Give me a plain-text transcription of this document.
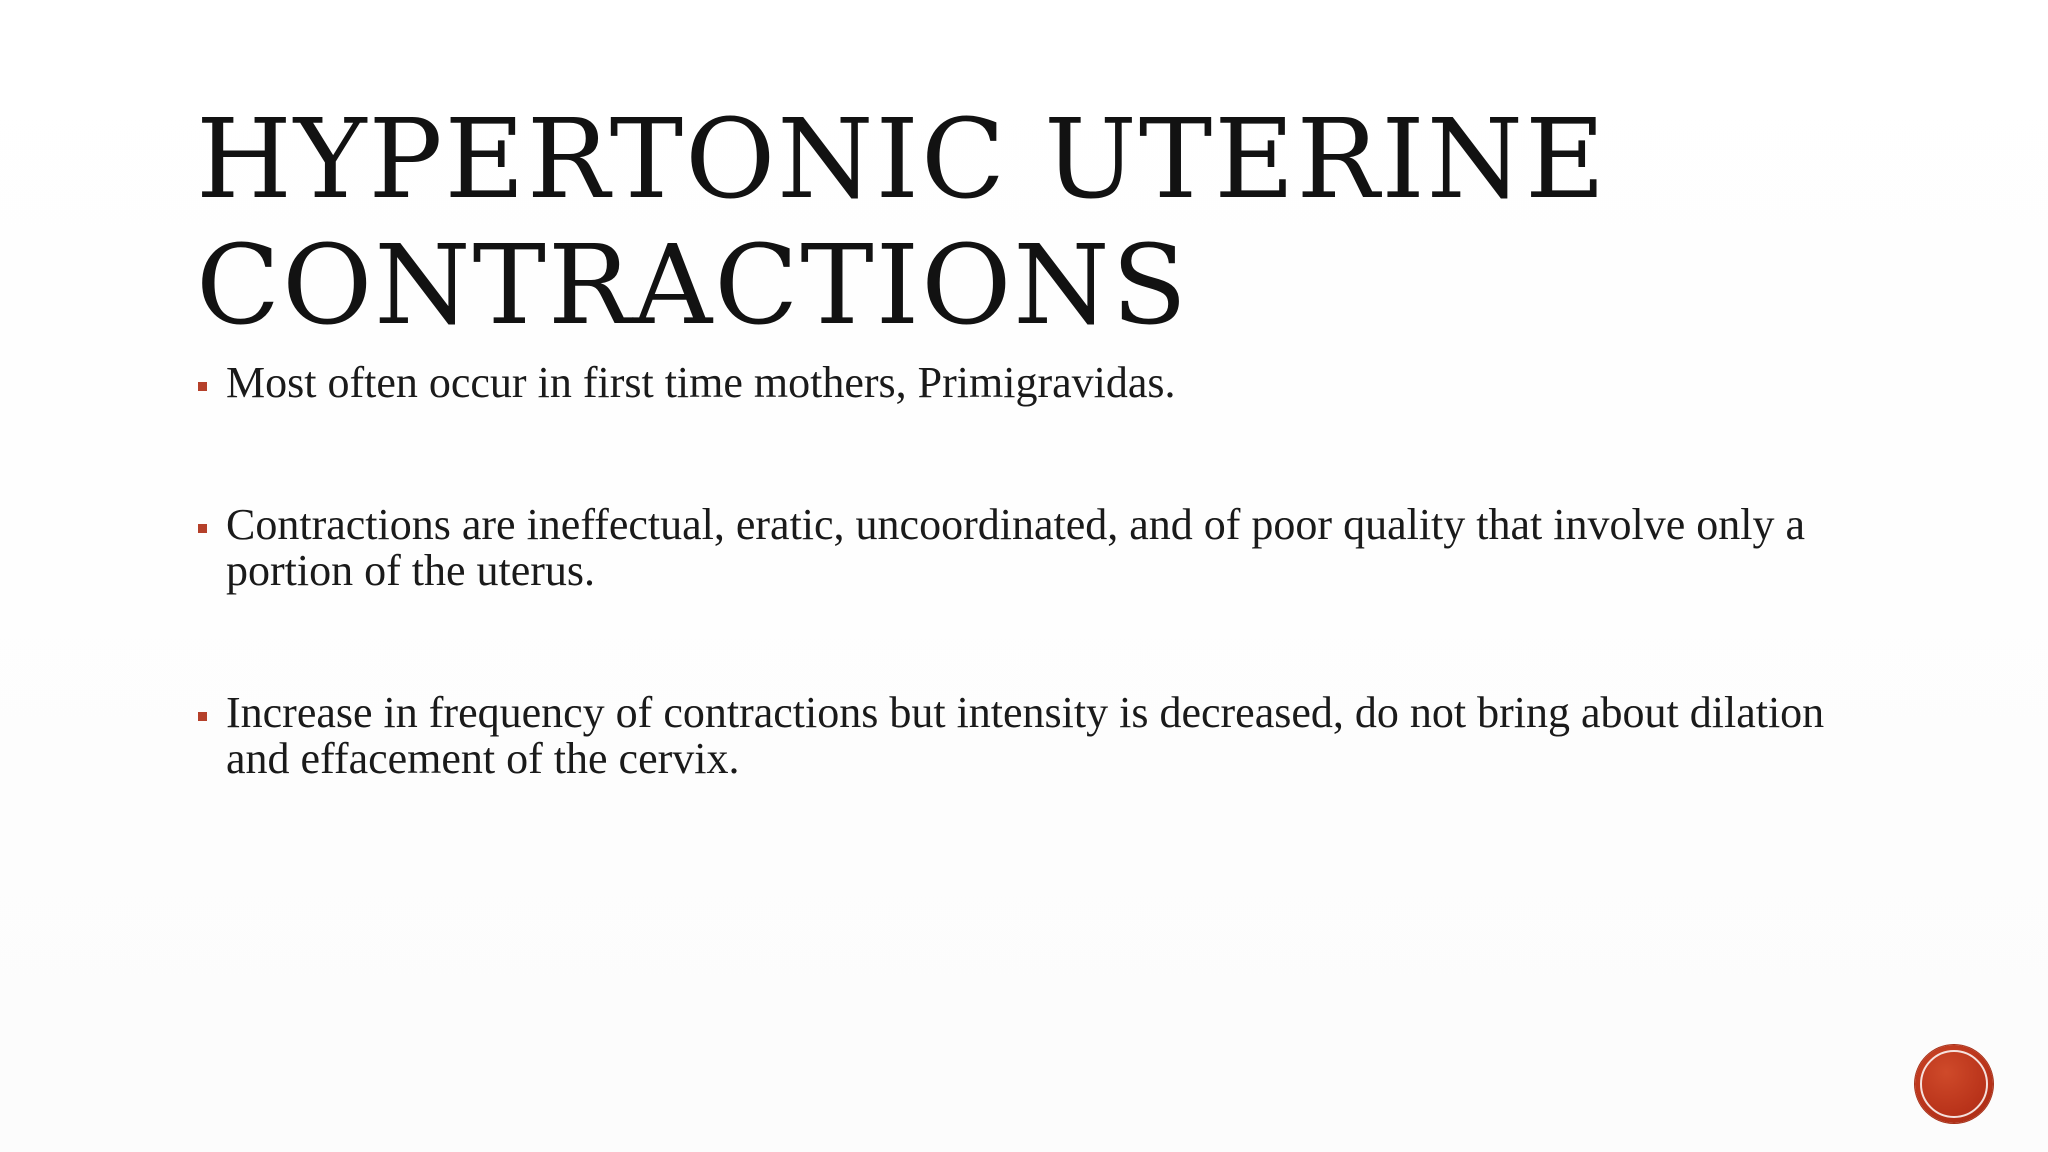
HYPERTONIC UTERINE
CONTRACTIONS
Most often occur in first time mothers, Primigravidas.
Contractions are ineffectual, eratic, uncoordinated, and of poor quality that involve only a portion of the uterus.
Increase in frequency of contractions but intensity is decreased, do not bring about dilation and effacement of the cervix.
